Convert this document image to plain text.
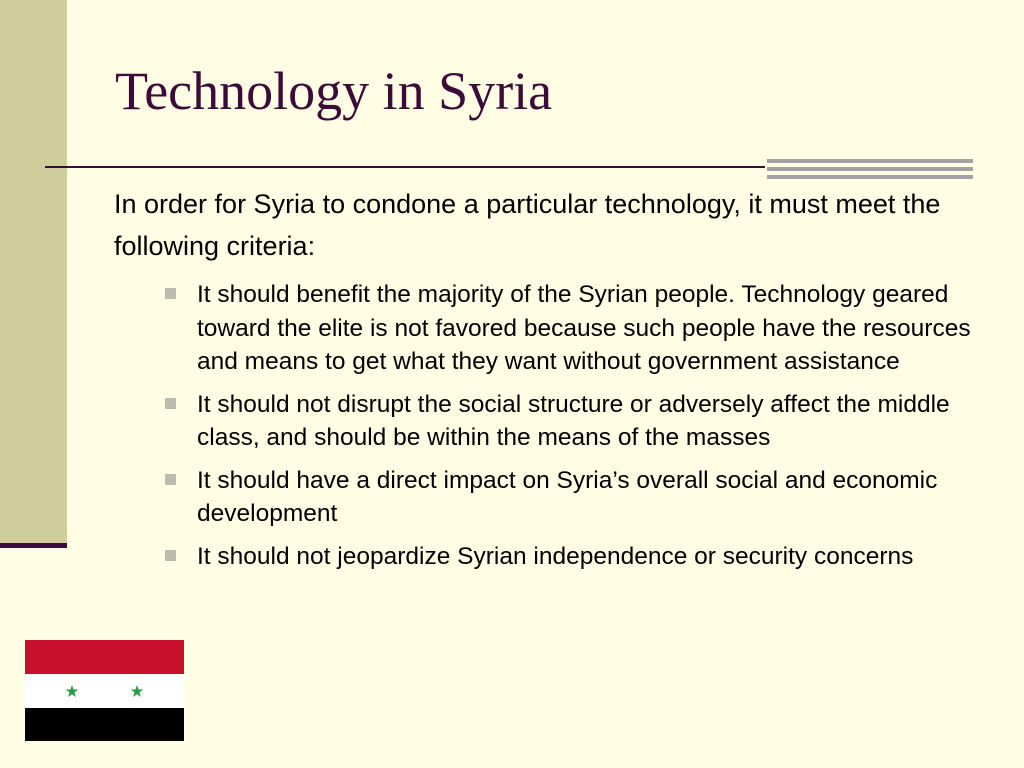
Technology in Syria

In order for Syria to condone a particular technology, it must meet the following criteria:

It should benefit the majority of the Syrian people. Technology geared toward the elite is not favored because such people have the resources and means to get what they want without government assistance
It should not disrupt the social structure or adversely affect the middle class, and should be within the means of the masses
It should have a direct impact on Syria’s overall social and economic development
It should not jeopardize Syrian independence or security concerns
